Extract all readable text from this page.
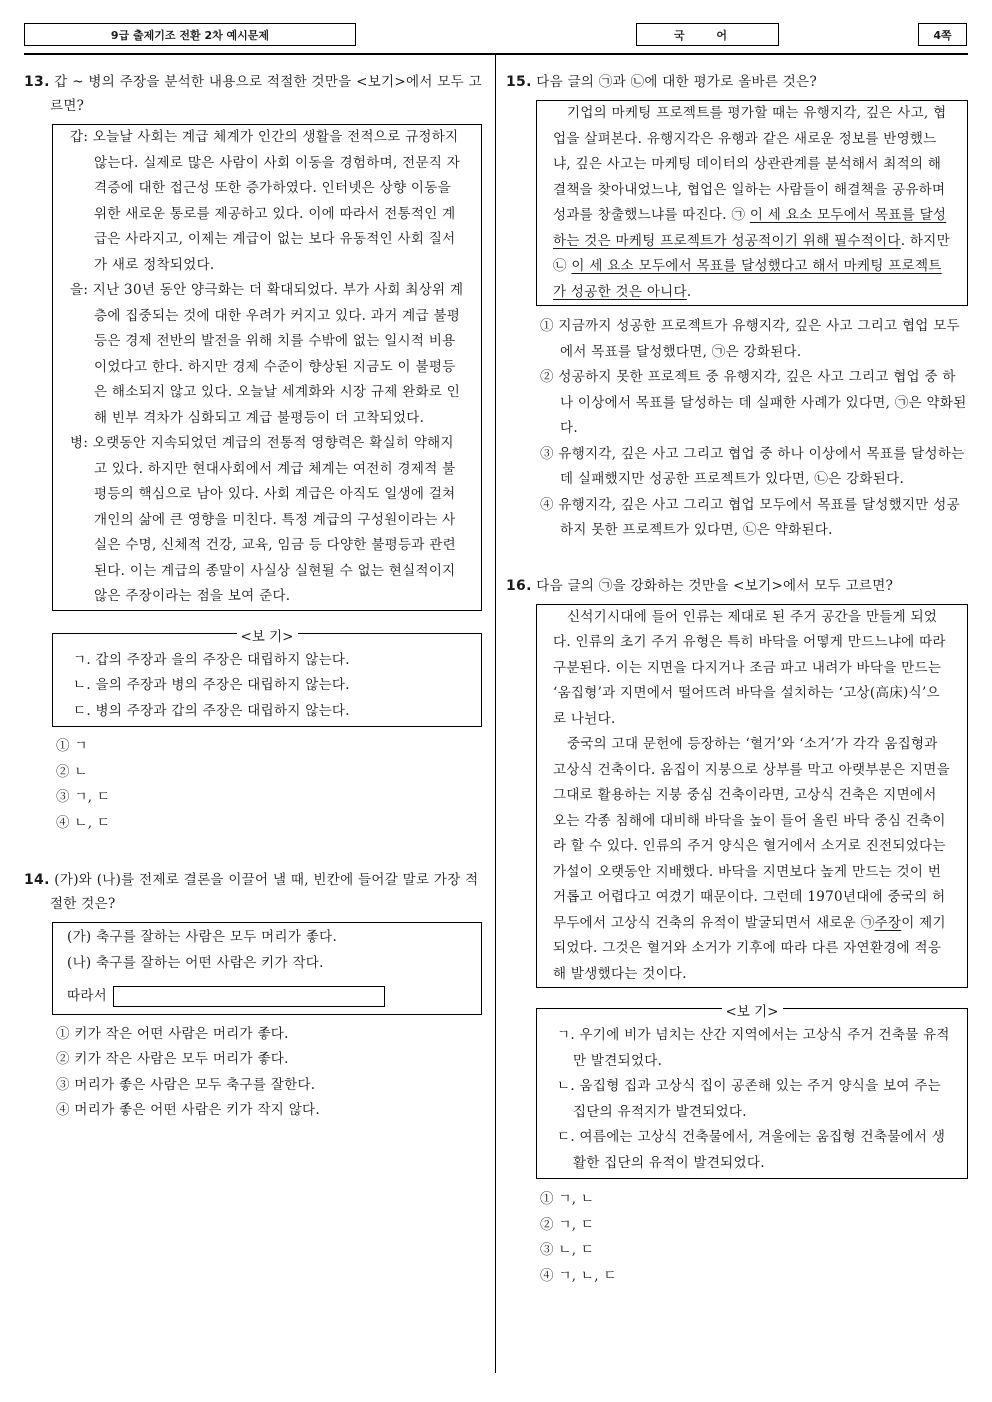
9급 출제기조 전환 2차 예시문제	국 어	4쪽

13. 갑 ~ 병의 주장을 분석한 내용으로 적절한 것만을 <보기>에서 모두 고르면?

갑: 오늘날 사회는 계급 체계가 인간의 생활을 전적으로 규정하지 않는다. 실제로 많은 사람이 사회 이동을 경험하며, 전문직 자격증에 대한 접근성 또한 증가하였다. 인터넷은 상향 이동을 위한 새로운 통로를 제공하고 있다. 이에 따라서 전통적인 계급은 사라지고, 이제는 계급이 없는 보다 유동적인 사회 질서가 새로 정착되었다.

을: 지난 30년 동안 양극화는 더 확대되었다. 부가 사회 최상위 계층에 집중되는 것에 대한 우려가 커지고 있다. 과거 계급 불평등은 경제 전반의 발전을 위해 치를 수밖에 없는 일시적 비용이었다고 한다. 하지만 경제 수준이 향상된 지금도 이 불평등은 해소되지 않고 있다. 오늘날 세계화와 시장 규제 완화로 인해 빈부 격차가 심화되고 계급 불평등이 더 고착되었다.

병: 오랫동안 지속되었던 계급의 전통적 영향력은 확실히 약해지고 있다. 하지만 현대사회에서 계급 체계는 여전히 경제적 불평등의 핵심으로 남아 있다. 사회 계급은 아직도 일생에 걸쳐 개인의 삶에 큰 영향을 미친다. 특정 계급의 구성원이라는 사실은 수명, 신체적 건강, 교육, 임금 등 다양한 불평등과 관련된다. 이는 계급의 종말이 사실상 실현될 수 없는 현실적이지 않은 주장이라는 점을 보여 준다.

<보 기>

ㄱ. 갑의 주장과 을의 주장은 대립하지 않는다.

ㄴ. 을의 주장과 병의 주장은 대립하지 않는다.

ㄷ. 병의 주장과 갑의 주장은 대립하지 않는다.

① ㄱ

② ㄴ

③ ㄱ, ㄷ

④ ㄴ, ㄷ

14. (가)와 (나)를 전제로 결론을 이끌어 낼 때, 빈칸에 들어갈 말로 가장 적절한 것은?

(가) 축구를 잘하는 사람은 모두 머리가 좋다.

(나) 축구를 잘하는 어떤 사람은 키가 작다.

따라서

① 키가 작은 어떤 사람은 머리가 좋다.

② 키가 작은 사람은 모두 머리가 좋다.

③ 머리가 좋은 사람은 모두 축구를 잘한다.

④ 머리가 좋은 어떤 사람은 키가 작지 않다.

15. 다음 글의 ㉠과 ㉡에 대한 평가로 올바른 것은?

기업의 마케팅 프로젝트를 평가할 때는 유행지각, 깊은 사고, 협업을 살펴본다. 유행지각은 유행과 같은 새로운 정보를 반영했느냐, 깊은 사고는 마케팅 데이터의 상관관계를 분석해서 최적의 해결책을 찾아내었느냐, 협업은 일하는 사람들이 해결책을 공유하며 성과를 창출했느냐를 따진다. ㉠ 이 세 요소 모두에서 목표를 달성하는 것은 마케팅 프로젝트가 성공적이기 위해 필수적이다. 하지만 ㉡ 이 세 요소 모두에서 목표를 달성했다고 해서 마케팅 프로젝트가 성공한 것은 아니다.

① 지금까지 성공한 프로젝트가 유행지각, 깊은 사고 그리고 협업 모두에서 목표를 달성했다면, ㉠은 강화된다.

② 성공하지 못한 프로젝트 중 유행지각, 깊은 사고 그리고 협업 중 하나 이상에서 목표를 달성하는 데 실패한 사례가 있다면, ㉠은 약화된다.

③ 유행지각, 깊은 사고 그리고 협업 중 하나 이상에서 목표를 달성하는 데 실패했지만 성공한 프로젝트가 있다면, ㉡은 강화된다.

④ 유행지각, 깊은 사고 그리고 협업 모두에서 목표를 달성했지만 성공하지 못한 프로젝트가 있다면, ㉡은 약화된다.

16. 다음 글의 ㉠을 강화하는 것만을 <보기>에서 모두 고르면?

신석기시대에 들어 인류는 제대로 된 주거 공간을 만들게 되었다. 인류의 초기 주거 유형은 특히 바닥을 어떻게 만드느냐에 따라 구분된다. 이는 지면을 다지거나 조금 파고 내려가 바닥을 만드는 ‘움집형’과 지면에서 떨어뜨려 바닥을 설치하는 ‘고상(高床)식’으로 나뉜다.

중국의 고대 문헌에 등장하는 ‘혈거’와 ‘소거’가 각각 움집형과 고상식 건축이다. 움집이 지붕으로 상부를 막고 아랫부분은 지면을 그대로 활용하는 지붕 중심 건축이라면, 고상식 건축은 지면에서 오는 각종 침해에 대비해 바닥을 높이 들어 올린 바닥 중심 건축이라 할 수 있다. 인류의 주거 양식은 혈거에서 소거로 진전되었다는 가설이 오랫동안 지배했다. 바닥을 지면보다 높게 만드는 것이 번거롭고 어렵다고 여겼기 때문이다. 그런데 1970년대에 중국의 허무두에서 고상식 건축의 유적이 발굴되면서 새로운 ㉠주장이 제기되었다. 그것은 혈거와 소거가 기후에 따라 다른 자연환경에 적응해 발생했다는 것이다.

<보 기>

ㄱ. 우기에 비가 넘치는 산간 지역에서는 고상식 주거 건축물 유적만 발견되었다.

ㄴ. 움집형 집과 고상식 집이 공존해 있는 주거 양식을 보여 주는 집단의 유적지가 발견되었다.

ㄷ. 여름에는 고상식 건축물에서, 겨울에는 움집형 건축물에서 생활한 집단의 유적이 발견되었다.

① ㄱ, ㄴ

② ㄱ, ㄷ

③ ㄴ, ㄷ

④ ㄱ, ㄴ, ㄷ
